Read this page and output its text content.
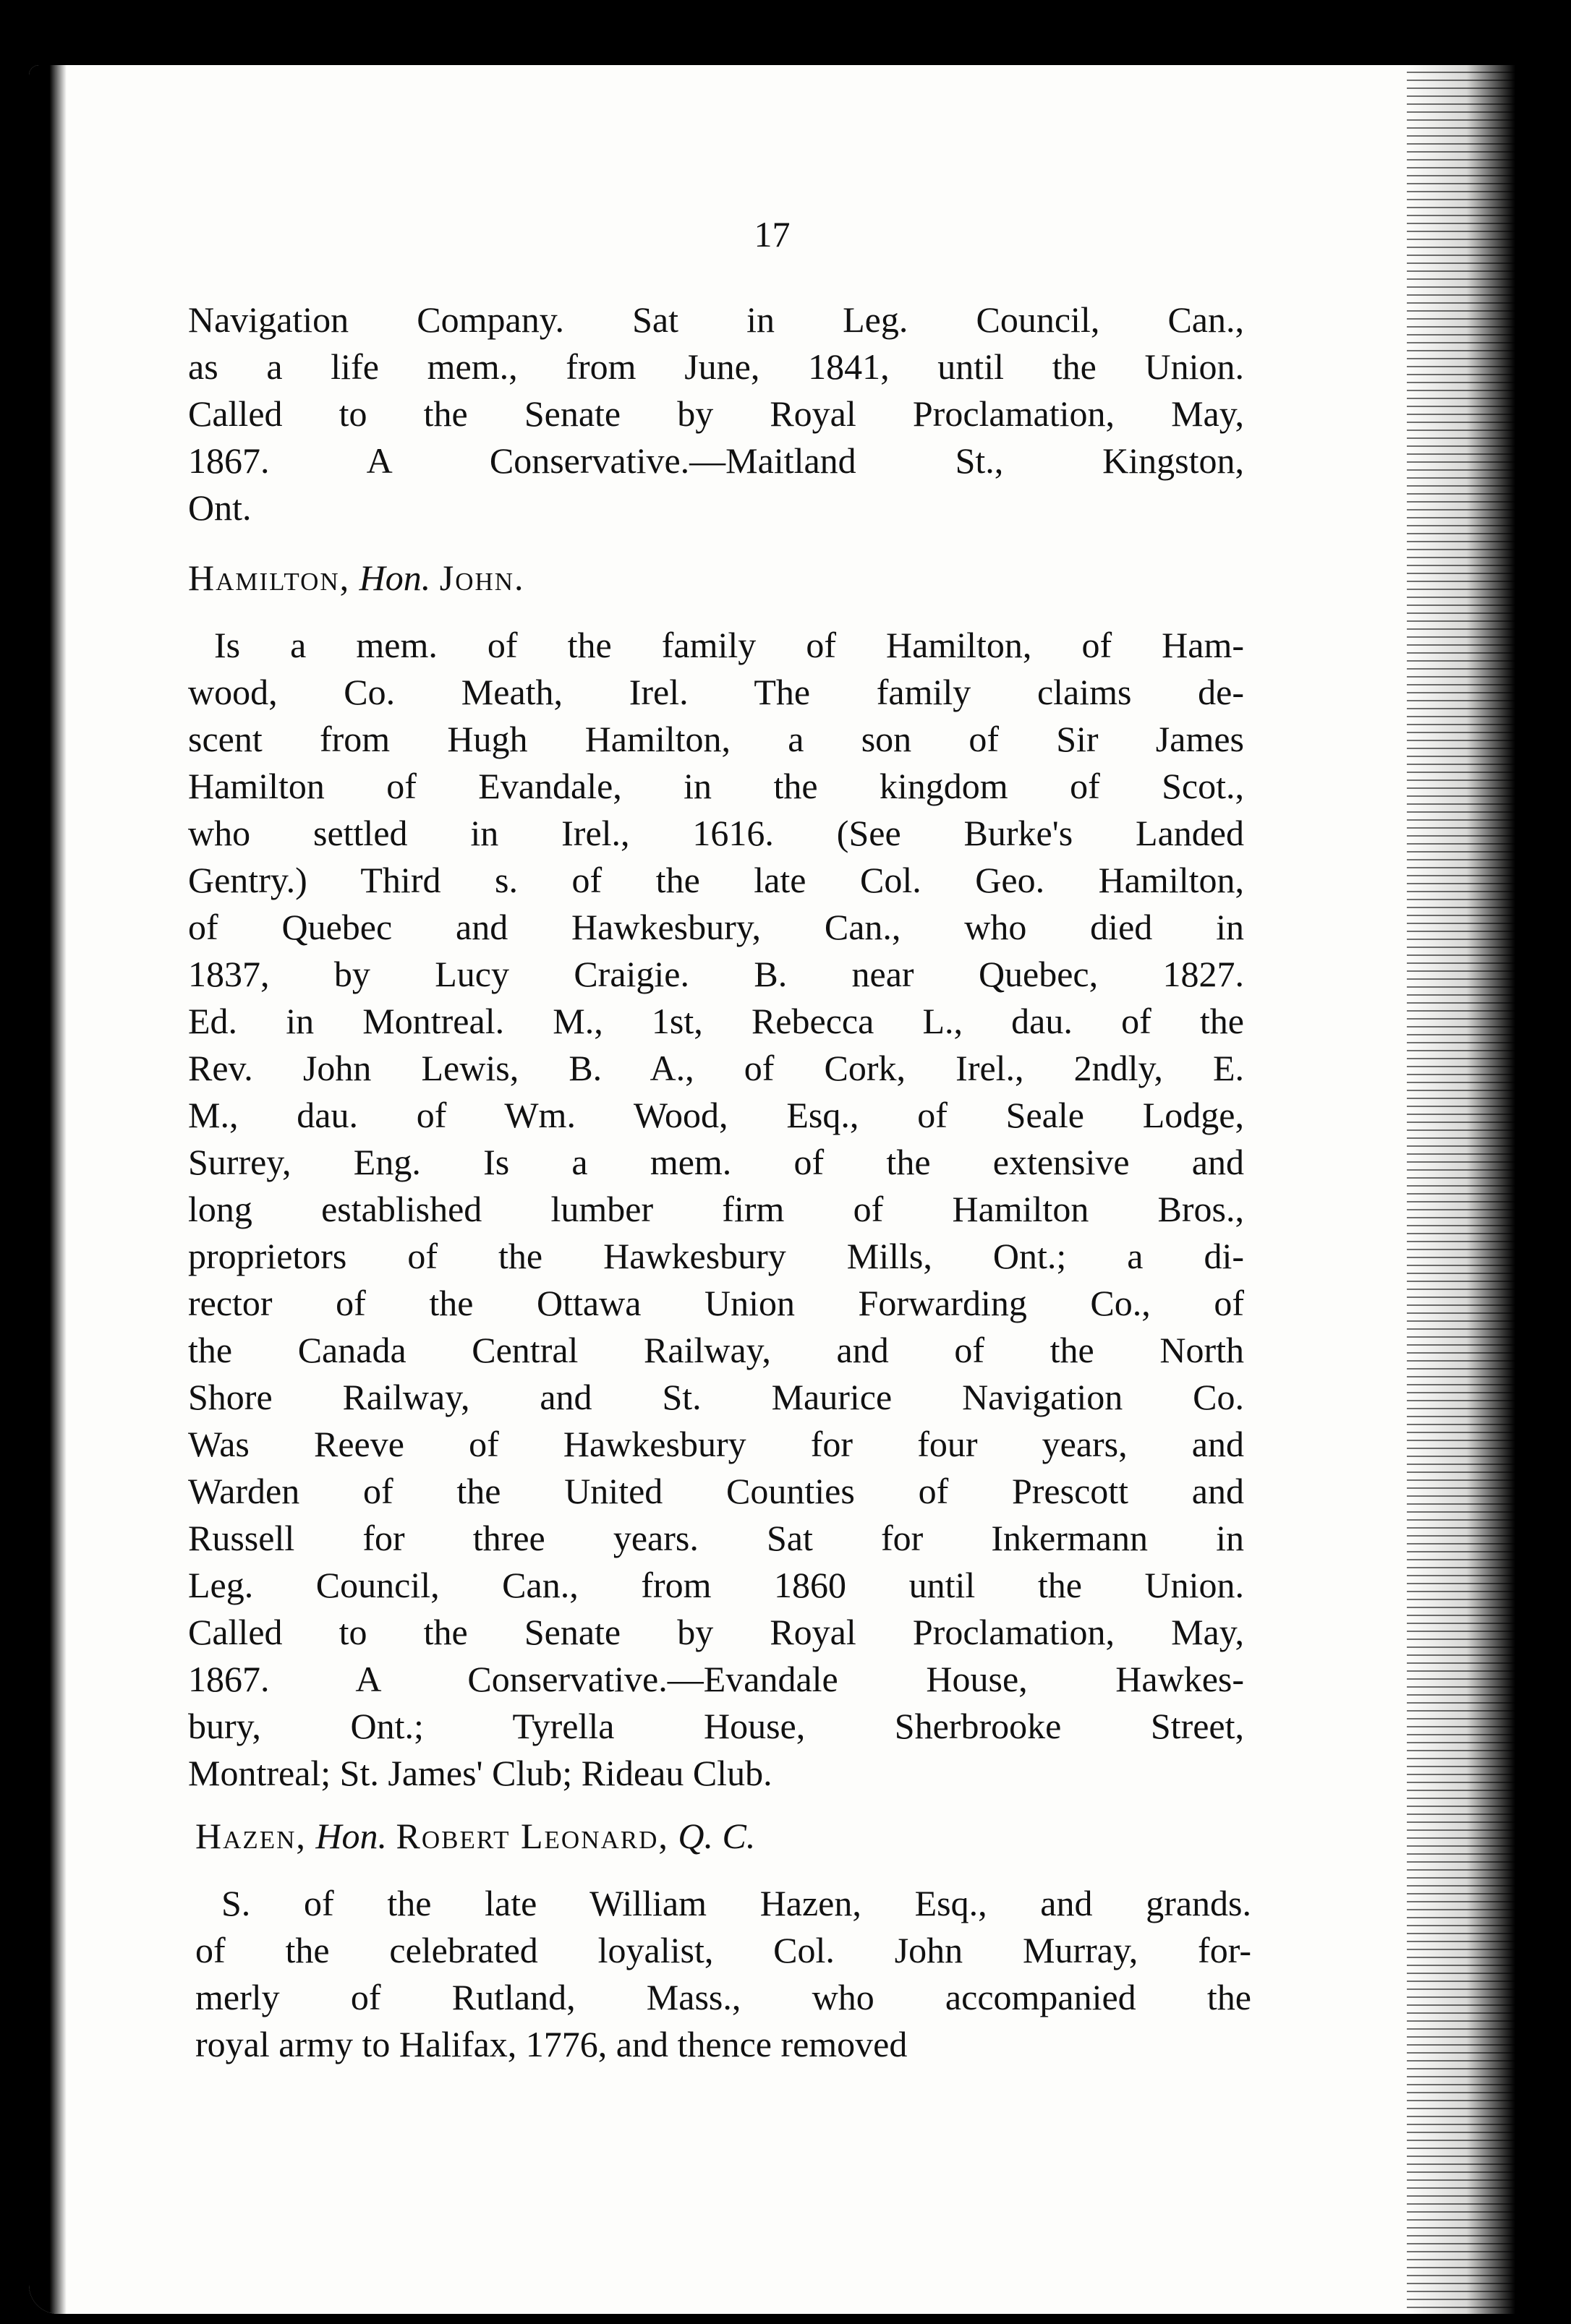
17
Navigation Company. Sat in Leg. Council, Can.,
as a life mem., from June, 1841, until the Union.
Called to the Senate by Royal Proclamation, May,
1867. A Conservative.—Maitland St., Kingston,
Ont.
Hamilton, Hon. John.
Is a mem. of the family of Hamilton, of Ham-
wood, Co. Meath, Irel. The family claims de-
scent from Hugh Hamilton, a son of Sir James
Hamilton of Evandale, in the kingdom of Scot.,
who settled in Irel., 1616. (See Burke's Landed
Gentry.) Third s. of the late Col. Geo. Hamilton,
of Quebec and Hawkesbury, Can., who died in
1837, by Lucy Craigie. B. near Quebec, 1827.
Ed. in Montreal. M., 1st, Rebecca L., dau. of the
Rev. John Lewis, B. A., of Cork, Irel., 2ndly, E.
M., dau. of Wm. Wood, Esq., of Seale Lodge,
Surrey, Eng. Is a mem. of the extensive and
long established lumber firm of Hamilton Bros.,
proprietors of the Hawkesbury Mills, Ont.; a di-
rector of the Ottawa Union Forwarding Co., of
the Canada Central Railway, and of the North
Shore Railway, and St. Maurice Navigation Co.
Was Reeve of Hawkesbury for four years, and
Warden of the United Counties of Prescott and
Russell for three years. Sat for Inkermann in
Leg. Council, Can., from 1860 until the Union.
Called to the Senate by Royal Proclamation, May,
1867. A Conservative.—Evandale House, Hawkes-
bury, Ont.; Tyrella House, Sherbrooke Street,
Montreal; St. James' Club; Rideau Club.
Hazen, Hon. Robert Leonard, Q. C.
S. of the late William Hazen, Esq., and grands.
of the celebrated loyalist, Col. John Murray, for-
merly of Rutland, Mass., who accompanied the
royal army to Halifax, 1776, and thence removed
